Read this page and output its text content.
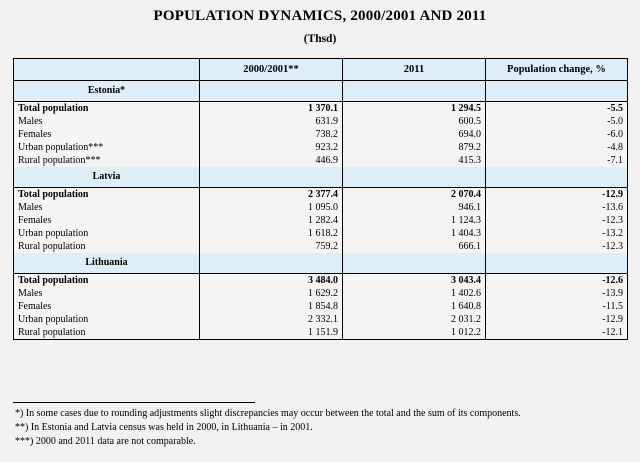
POPULATION DYNAMICS, 2000/2001 AND 2011
(Thsd)
	2000/2001**	2011	Population change, %
Estonia*			
Total population	1 370.1	1 294.5	-5.5
Males	631.9	600.5	-5.0
Females	738.2	694.0	-6.0
Urban population***	923.2	879.2	-4.8
Rural population***	446.9	415.3	-7.1
Latvia			
Total population	2 377.4	2 070.4	-12.9
Males	1 095.0	946.1	-13.6
Females	1 282.4	1 124.3	-12.3
Urban population	1 618.2	1 404.3	-13.2
Rural population	759.2	666.1	-12.3
Lithuania			
Total population	3 484.0	3 043.4	-12.6
Males	1 629.2	1 402.6	-13.9
Females	1 854.8	1 640.8	-11.5
Urban population	2 332.1	2 031.2	-12.9
Rural population	1 151.9	1 012.2	-12.1
*) In some cases due to rounding adjustments slight discrepancies may occur between the total and the sum of its components.
**) In Estonia and Latvia census was held in 2000, in Lithuania – in 2001.
***) 2000 and 2011 data are not comparable.
